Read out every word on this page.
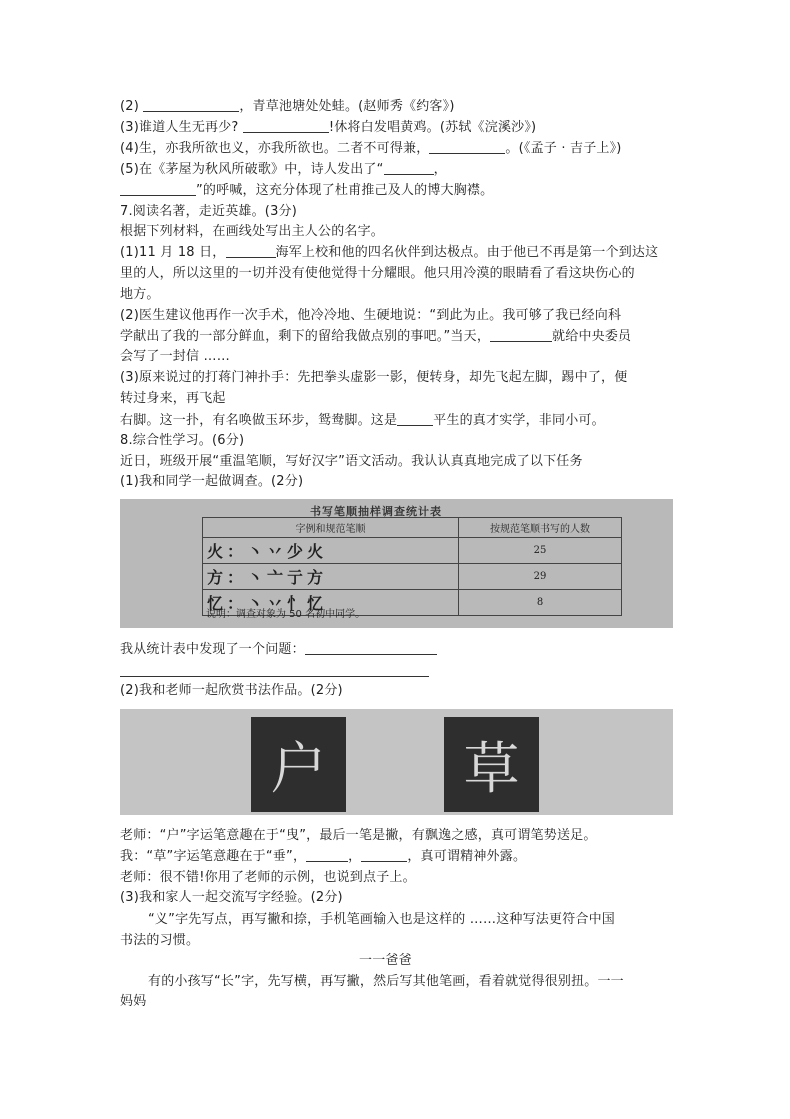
(2)	，青草池塘处处蛙。(赵师秀《约客》)
(3)谁道人生无再少?	!休将白发唱黄鸡。(苏轼《浣溪沙》)
(4)生，亦我所欲也义，亦我所欲也。二者不可得兼，	。(《孟子 · 吉子上》)
(5)在《茅屋为秋风所破歌》中，诗人发出了“	，
”的呼喊，这充分体现了杜甫推己及人的博大胸襟。
7.阅读名著，走近英雄。(3分)
根据下列材料，在画线处写出主人公的名字。
(1)11 月 18 日，	海军上校和他的四名伙伴到达极点。由于他已不再是第一个到达这
里的人，所以这里的一切并没有使他觉得十分耀眼。他只用冷漠的眼睛看了看这块伤心的
地方。
(2)医生建议他再作一次手术，他冷冷地、生硬地说：“到此为止。我可够了我已经向科
学献出了我的一部分鲜血，剩下的留给我做点别的事吧。”当天，	就给中央委员
会写了一封信 ……
(3)原来说过的打蒋门神扑手：先把拳头虚影一影，便转身，却先飞起左脚，踢中了，便
转过身来，再飞起
右脚。这一扑，有名唤做玉环步，鸳鸯脚。这是	平生的真才实学，非同小可。
8.综合性学习。(6分)
近日，班级开展“重温笔顺，写好汉字”语文活动。我认认真真地完成了以下任务
(1)我和同学一起做调查。(2分)
书写笔顺抽样调查统计表
字例和规范笔顺	按规范笔顺书写的人数
火：丶丷少火	25
方：丶亠亍方	29
忆：丶丷忄忆	8
说明：调查对象为 50 名初中同学。
我从统计表中发现了一个问题：
(2)我和老师一起欣赏书法作品。(2分)
户	草
老师：“户”字运笔意趣在于“曳”，最后一笔是撇，有飘逸之感，真可谓笔势送足。
我：“草”字运笔意趣在于“垂”，	，	，真可谓精神外露。
老师：很不错!你用了老师的示例，也说到点子上。
(3)我和家人一起交流写字经验。(2分)
“义”字先写点，再写撇和捺，手机笔画输入也是这样的 ……这种写法更符合中国
书法的习惯。
一一爸爸
有的小孩写“长”字，先写横，再写撇，然后写其他笔画，看着就觉得很别扭。一一
妈妈
